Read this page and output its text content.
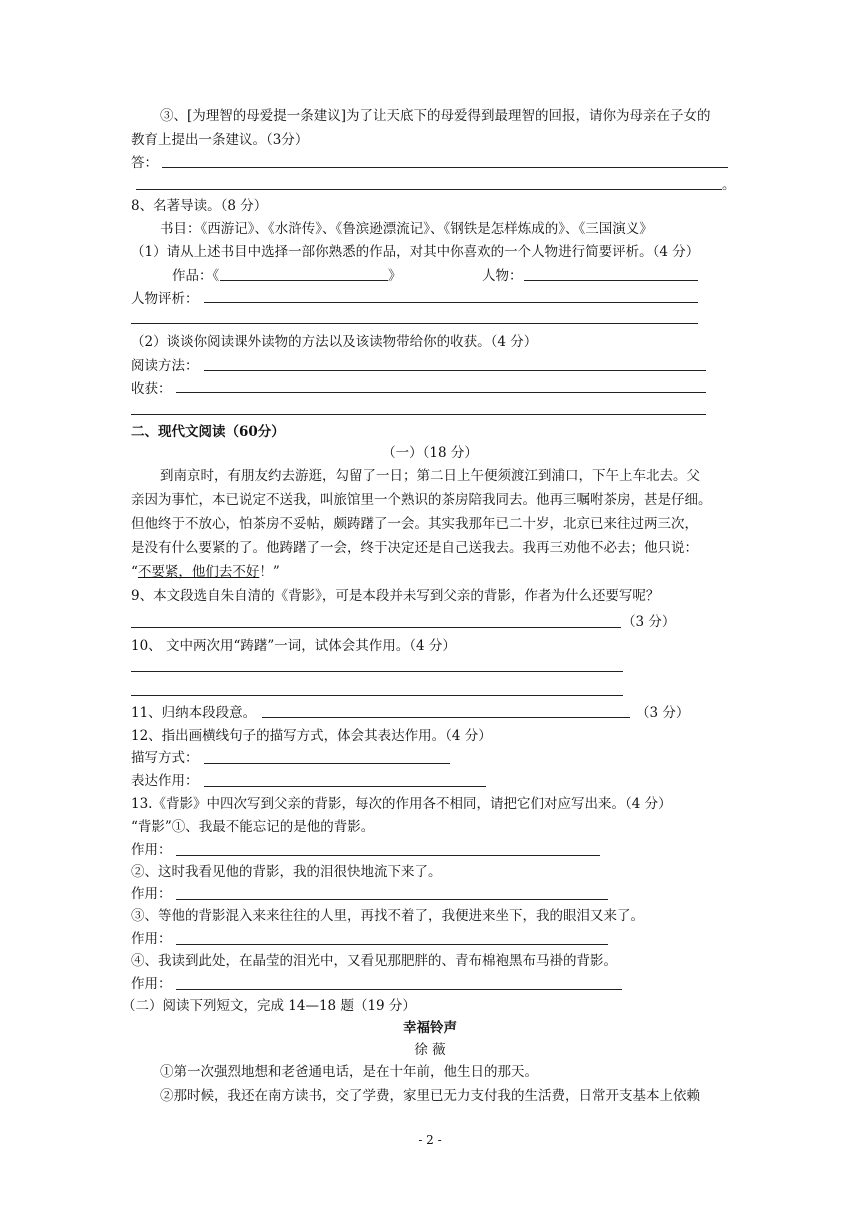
③、[为理智的母爱提一条建议]为了让天底下的母爱得到最理智的回报，请你为母亲在子女的
教育上提出一条建议。（3分）
答：
。
8、名著导读。（8 分）
书目：《西游记》、《水浒传》、《鲁滨逊漂流记》、《钢铁是怎样炼成的》、《三国演义》
（1）请从上述书目中选择一部你熟悉的作品，对其中你喜欢的一个人物进行简要评析。（4 分）
作品：《	》	人物：
人物评析：
（2）谈谈你阅读课外读物的方法以及该读物带给你的收获。（4 分）
阅读方法：
收获：
二、现代文阅读（60分）
（一）（18 分）
到南京时，有朋友约去游逛，勾留了一日；第二日上午便须渡江到浦口，下午上车北去。父
亲因为事忙，本已说定不送我，叫旅馆里一个熟识的茶房陪我同去。他再三嘱咐茶房，甚是仔细。
但他终于不放心，怕茶房不妥帖，颇踌躇了一会。其实我那年已二十岁，北京已来往过两三次，
是没有什么要紧的了。他踌躇了一会，终于决定还是自己送我去。我再三劝他不必去；他只说：
“不要紧，他们去不好！”
9、本文段选自朱自清的《背影》，可是本段并未写到父亲的背影，作者为什么还要写呢？
（3 分）
10、 文中两次用“踌躇”一词，试体会其作用。（4 分）
11、归纳本段段意。	（3 分）
12、指出画横线句子的描写方式，体会其表达作用。（4 分）
描写方式：
表达作用：
13.《背影》中四次写到父亲的背影，每次的作用各不相同，请把它们对应写出来。（4 分）
“背影”①、我最不能忘记的是他的背影。
作用：
②、这时我看见他的背影，我的泪很快地流下来了。
作用：
③、等他的背影混入来来往往的人里，再找不着了，我便进来坐下，我的眼泪又来了。
作用：
④、我读到此处，在晶莹的泪光中，又看见那肥胖的、青布棉袍黑布马褂的背影。
作用：
（二）阅读下列短文，完成 14—18 题（19 分）
幸福铃声
徐 薇
①第一次强烈地想和老爸通电话，是在十年前，他生日的那天。
②那时候，我还在南方读书，交了学费，家里已无力支付我的生活费，日常开支基本上依赖
- 2 -
